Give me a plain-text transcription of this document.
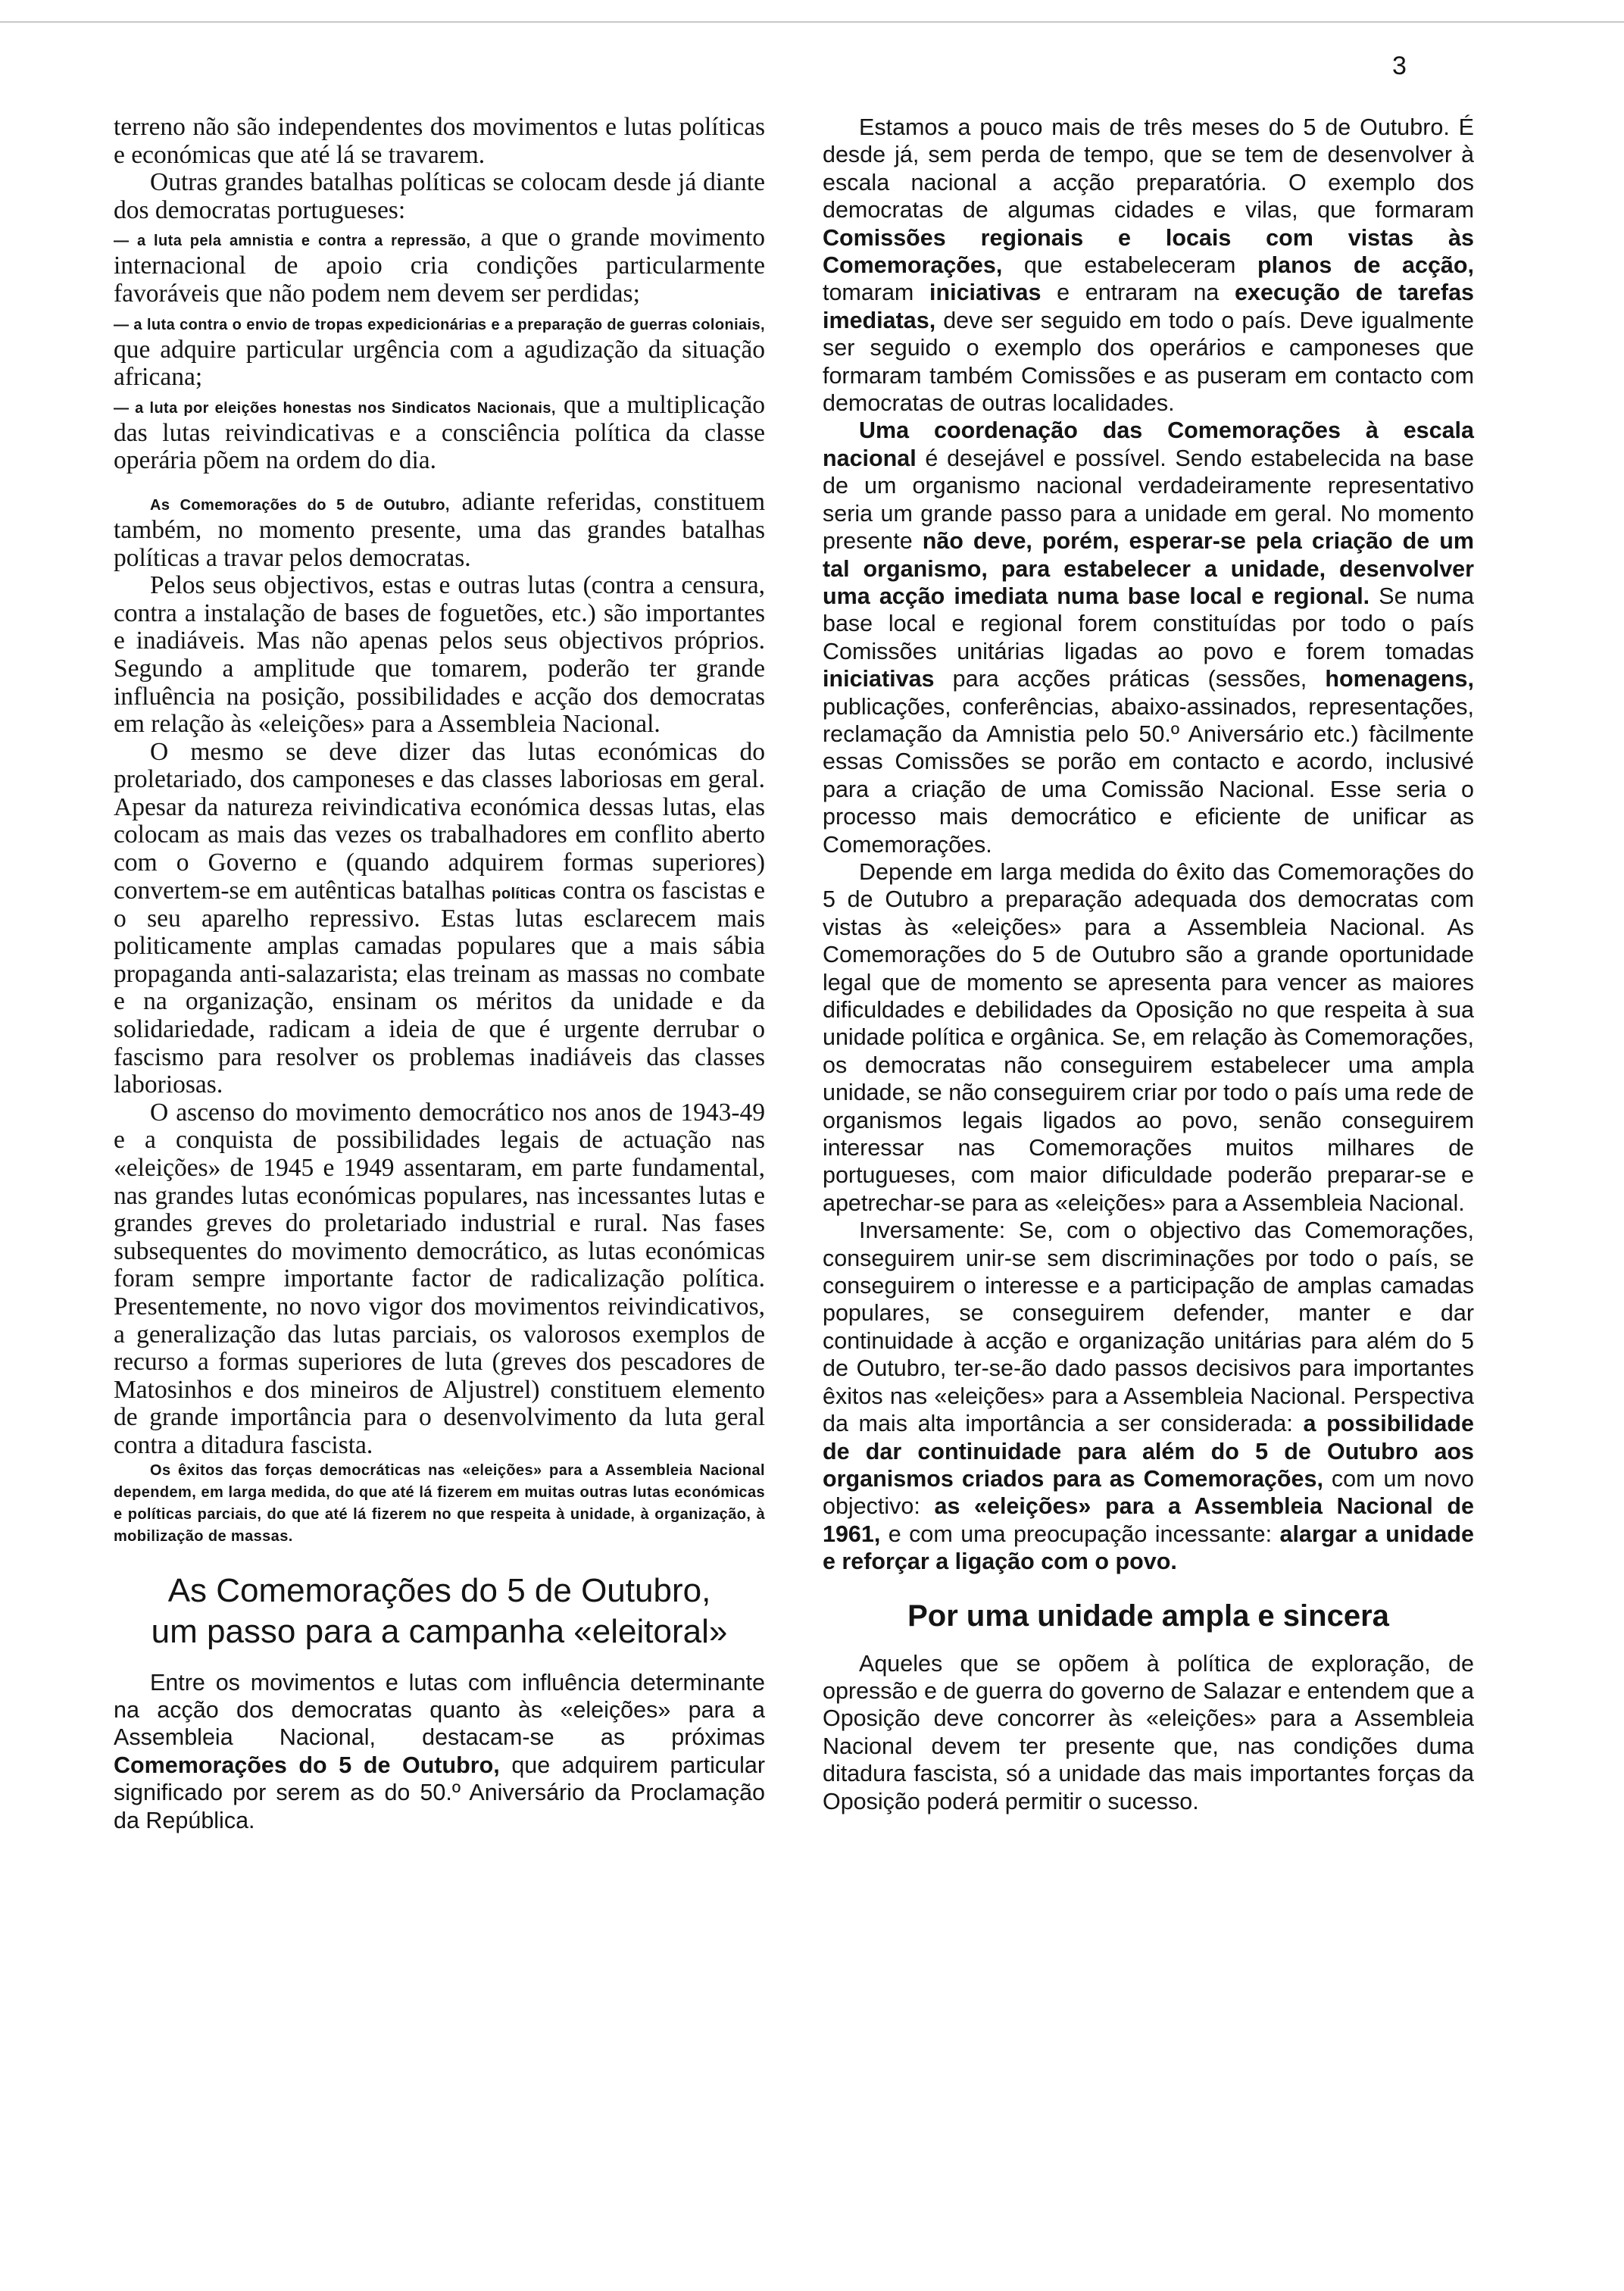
3

terreno não são independentes dos movimentos e lutas políticas e económicas que até lá se travarem.

Outras grandes batalhas políticas se colocam desde já diante dos democratas portugueses:

— a luta pela amnistia e contra a repressão, a que o grande movimento internacional de apoio cria condições particularmente favoráveis que não podem nem devem ser perdidas;

— a luta contra o envio de tropas expedicionárias e a preparação de guerras coloniais, que adquire particular urgência com a agudização da situação africana;

— a luta por eleições honestas nos Sindicatos Nacionais, que a multiplicação das lutas reivindicativas e a consciência política da classe operária põem na ordem do dia.

As Comemorações do 5 de Outubro, adiante referidas, constituem também, no momento presente, uma das grandes batalhas políticas a travar pelos democratas.

Pelos seus objectivos, estas e outras lutas (contra a censura, contra a instalação de bases de foguetões, etc.) são importantes e inadiáveis. Mas não apenas pelos seus objectivos próprios. Segundo a amplitude que tomarem, poderão ter grande influência na posição, possibilidades e acção dos democratas em relação às «eleições» para a Assembleia Nacional.

O mesmo se deve dizer das lutas económicas do proletariado, dos camponeses e das classes laboriosas em geral. Apesar da natureza reivindicativa económica dessas lutas, elas colocam as mais das vezes os trabalhadores em conflito aberto com o Governo e (quando adquirem formas superiores) convertem-se em autênticas batalhas políticas contra os fascistas e o seu aparelho repressivo. Estas lutas esclarecem mais politicamente amplas camadas populares que a mais sábia propaganda anti-salazarista; elas treinam as massas no combate e na organização, ensinam os méritos da unidade e da solidariedade, radicam a ideia de que é urgente derrubar o fascismo para resolver os problemas inadiáveis das classes laboriosas.

O ascenso do movimento democrático nos anos de 1943-49 e a conquista de possibilidades legais de actuação nas «eleições» de 1945 e 1949 assentaram, em parte fundamental, nas grandes lutas económicas populares, nas incessantes lutas e grandes greves do proletariado industrial e rural. Nas fases subsequentes do movimento democrático, as lutas económicas foram sempre importante factor de radicalização política. Presentemente, no novo vigor dos movimentos reivindicativos, a generalização das lutas parciais, os valorosos exemplos de recurso a formas superiores de luta (greves dos pescadores de Matosinhos e dos mineiros de Aljustrel) constituem elemento de grande importância para o desenvolvimento da luta geral contra a ditadura fascista.

Os êxitos das forças democráticas nas «eleições» para a Assembleia Nacional dependem, em larga medida, do que até lá fizerem em muitas outras lutas económicas e políticas parciais, do que até lá fizerem no que respeita à unidade, à organização, à mobilização de massas.

As Comemorações do 5 de Outubro,
um passo para a campanha «eleitoral»

Entre os movimentos e lutas com influência determinante na acção dos democratas quanto às «eleições» para a Assembleia Nacional, destacam-se as próximas Comemorações do 5 de Outubro, que adquirem particular significado por serem as do 50.º Aniversário da Proclamação da República.

Estamos a pouco mais de três meses do 5 de Outubro. É desde já, sem perda de tempo, que se tem de desenvolver à escala nacional a acção preparatória. O exemplo dos democratas de algumas cidades e vilas, que formaram Comissões regionais e locais com vistas às Comemorações, que estabeleceram planos de acção, tomaram iniciativas e entraram na execução de tarefas imediatas, deve ser seguido em todo o país. Deve igualmente ser seguido o exemplo dos operários e camponeses que formaram também Comissões e as puseram em contacto com democratas de outras localidades.

Uma coordenação das Comemorações à escala nacional é desejável e possível. Sendo estabelecida na base de um organismo nacional verdadeiramente representativo seria um grande passo para a unidade em geral. No momento presente não deve, porém, esperar-se pela criação de um tal organismo, para estabelecer a unidade, desenvolver uma acção imediata numa base local e regional. Se numa base local e regional forem constituídas por todo o país Comissões unitárias ligadas ao povo e forem tomadas iniciativas para acções práticas (sessões, homenagens, publicações, conferências, abaixo-assinados, representações, reclamação da Amnistia pelo 50.º Aniversário etc.) fàcilmente essas Comissões se porão em contacto e acordo, inclusivé para a criação de uma Comissão Nacional. Esse seria o processo mais democrático e eficiente de unificar as Comemorações.

Depende em larga medida do êxito das Comemorações do 5 de Outubro a preparação adequada dos democratas com vistas às «eleições» para a Assembleia Nacional. As Comemorações do 5 de Outubro são a grande oportunidade legal que de momento se apresenta para vencer as maiores dificuldades e debilidades da Oposição no que respeita à sua unidade política e orgânica. Se, em relação às Comemorações, os democratas não conseguirem estabelecer uma ampla unidade, se não conseguirem criar por todo o país uma rede de organismos legais ligados ao povo, senão conseguirem interessar nas Comemorações muitos milhares de portugueses, com maior dificuldade poderão preparar-se e apetrechar-se para as «eleições» para a Assembleia Nacional.

Inversamente: Se, com o objectivo das Comemorações, conseguirem unir-se sem discriminações por todo o país, se conseguirem o interesse e a participação de amplas camadas populares, se conseguirem defender, manter e dar continuidade à acção e organização unitárias para além do 5 de Outubro, ter-se-ão dado passos decisivos para importantes êxitos nas «eleições» para a Assembleia Nacional. Perspectiva da mais alta importância a ser considerada: a possibilidade de dar continuidade para além do 5 de Outubro aos organismos criados para as Comemorações, com um novo objectivo: as «eleições» para a Assembleia Nacional de 1961, e com uma preocupação incessante: alargar a unidade e reforçar a ligação com o povo.

Por uma unidade ampla e sincera

Aqueles que se opõem à política de exploração, de opressão e de guerra do governo de Salazar e entendem que a Oposição deve concorrer às «eleições» para a Assembleia Nacional devem ter presente que, nas condições duma ditadura fascista, só a unidade das mais importantes forças da Oposição poderá permitir o sucesso.
